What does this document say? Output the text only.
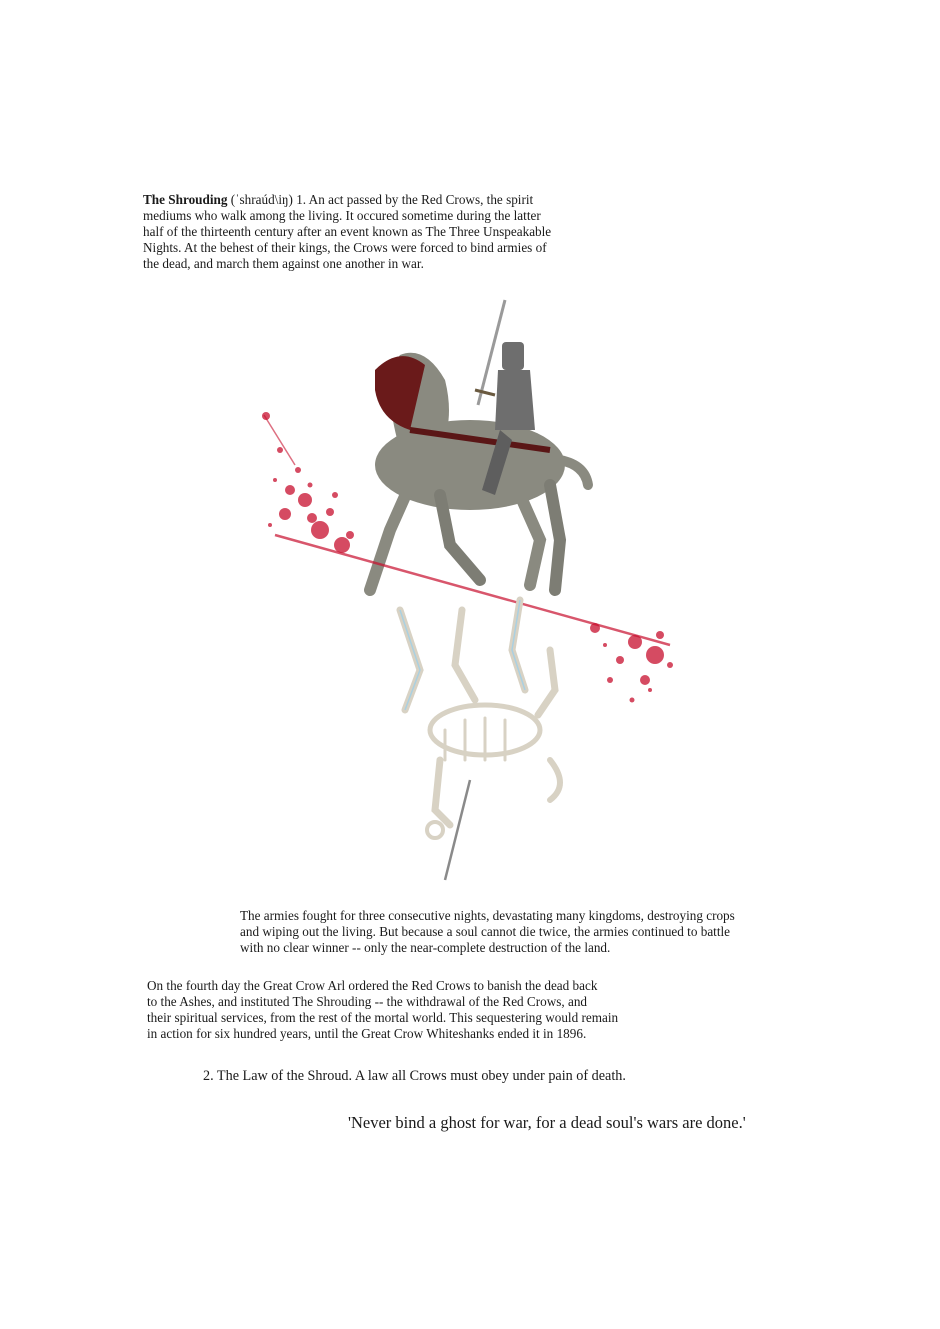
The Shrouding (ˈshraúd\iŋ) 1. An act passed by the Red Crows, the spirit
mediums who walk among the living. It occured sometime during the latter
half of the thirteenth century after an event known as The Three Unspeakable
Nights. At the behest of their kings, the Crows were forced to bind armies of
the dead, and march them against one another in war.
The armies fought for three consecutive nights, devastating many kingdoms, destroying crops
and wiping out the living. But because a soul cannot die twice, the armies continued to battle
with no clear winner -- only the near-complete destruction of the land.
On the fourth day the Great Crow Arl ordered the Red Crows to banish the dead back
to the Ashes, and instituted The Shrouding -- the withdrawal of the Red Crows, and
their spiritual services, from the rest of the mortal world. This sequestering would remain
in action for six hundred years, until the Great Crow Whiteshanks ended it in 1896.

2. The Law of the Shroud. A law all Crows must obey under pain of death.

'Never bind a ghost for war, for a dead soul's wars are done.'
